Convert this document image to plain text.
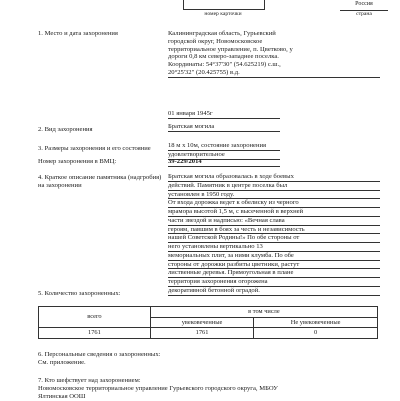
номер карточки
Россия
страна
1. Место и дата захоронения	Калининградская область, Гурьевский
городской округ, Новомосковское
территориальное управление, п. Цветково, у
дороги 0,8 км северо-западнее поселка.
Координаты: 54°37'30" (54.625219) с.ш.,
20°25'32" (20.425755) в.д.
01 января 1945г
2. Вид захоронения	Братская могила
3. Размеры захоронения и его состояние	18 м х 10м, состояние захоронения
удовлетворительное
Номер захоронения в ВМЦ:	39-229/2014
4. Краткое описание памятника (надгробия)
на захоронении
Братская могила образовалась в ходе боевых
действий. Памятник в центре поселка был
установлен в 1950 году.
От входа дорожка ведет к обелиску из черного
мрамора высотой 1,5 м, с высеченной в верхней
части звездой и надписью: «Вечная слава
героям, павшим в боях за честь и независимость
нашей Советской Родины!» По обе стороны от
него установлены вертикально 13
мемориальных плит, за ними клумба. По обе
стороны от дорожки разбиты цветники, растут
лиственные деревья. Прямоугольная в плане
территория захоронения огорожена
декоративной бетонной оградой.
5. Количество захороненных:
всего	в том числе	
	увековеченные	Не увековеченные
1761	1761	0
6. Персональные сведения о захороненных:
См. приложение.
7. Кто шефствует над захоронением:
Новомосковское территориальное управление Гурьевского городского округа, МБОУ
Ялтинская ООШ
